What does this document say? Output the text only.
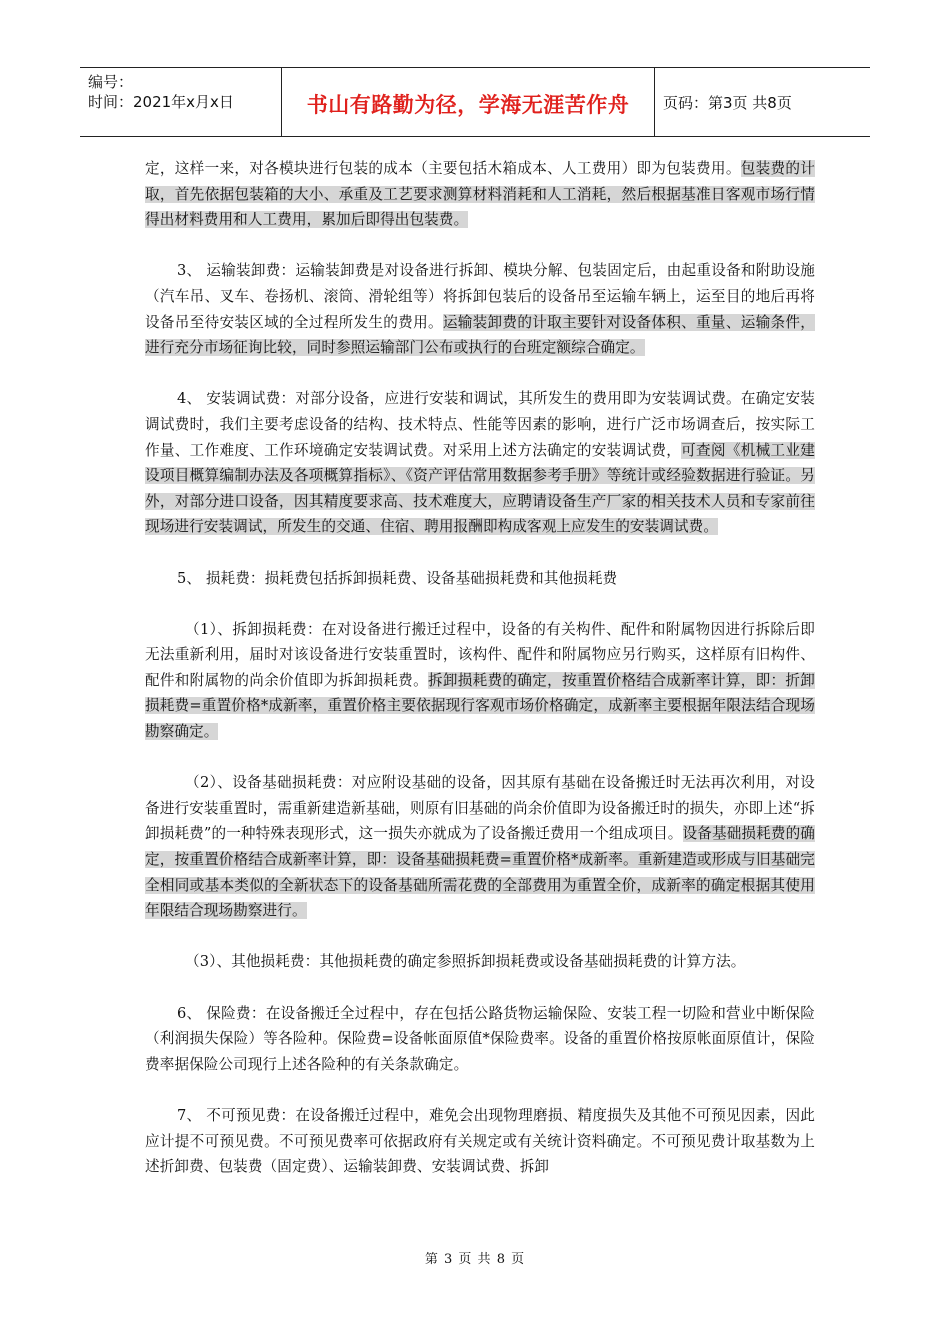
编号：
时间：2021年x月x日	书山有路勤为径，学海无涯苦作舟 页码：第3页 共8页

定，这样一来，对各模块进行包装的成本（主要包括木箱成本、人工费用）即为包装费用。包装费的计取，首先依据包装箱的大小、承重及工艺要求测算材料消耗和人工消耗，然后根据基准日客观市场行情得出材料费用和人工费用，累加后即得出包装费。

3、 运输装卸费：运输装卸费是对设备进行拆卸、模块分解、包装固定后，由起重设备和附助设施（汽车吊、叉车、卷扬机、滚筒、滑轮组等）将拆卸包装后的设备吊至运输车辆上，运至目的地后再将设备吊至待安装区域的全过程所发生的费用。运输装卸费的计取主要针对设备体积、重量、运输条件，进行充分市场征询比较，同时参照运输部门公布或执行的台班定额综合确定。

4、 安装调试费：对部分设备，应进行安装和调试，其所发生的费用即为安装调试费。在确定安装调试费时，我们主要考虑设备的结构、技术特点、性能等因素的影响，进行广泛市场调查后，按实际工作量、工作难度、工作环境确定安装调试费。对采用上述方法确定的安装调试费，可查阅《机械工业建设项目概算编制办法及各项概算指标》、《资产评估常用数据参考手册》等统计或经验数据进行验证。另外，对部分进口设备，因其精度要求高、技术难度大，应聘请设备生产厂家的相关技术人员和专家前往现场进行安装调试，所发生的交通、住宿、聘用报酬即构成客观上应发生的安装调试费。

5、 损耗费：损耗费包括拆卸损耗费、设备基础损耗费和其他损耗费

（1）、拆卸损耗费：在对设备进行搬迁过程中，设备的有关构件、配件和附属物因进行拆除后即无法重新利用，届时对该设备进行安装重置时，该构件、配件和附属物应另行购买，这样原有旧构件、配件和附属物的尚余价值即为拆卸损耗费。拆卸损耗费的确定，按重置价格结合成新率计算，即：折卸损耗费=重置价格*成新率，重置价格主要依据现行客观市场价格确定，成新率主要根据年限法结合现场勘察确定。

（2）、设备基础损耗费：对应附设基础的设备，因其原有基础在设备搬迁时无法再次利用，对设备进行安装重置时，需重新建造新基础，则原有旧基础的尚余价值即为设备搬迁时的损失，亦即上述“拆卸损耗费”的一种特殊表现形式，这一损失亦就成为了设备搬迁费用一个组成项目。设备基础损耗费的确定，按重置价格结合成新率计算，即：设备基础损耗费=重置价格*成新率。重新建造或形成与旧基础完全相同或基本类似的全新状态下的设备基础所需花费的全部费用为重置全价，成新率的确定根据其使用年限结合现场勘察进行。

（3）、其他损耗费：其他损耗费的确定参照拆卸损耗费或设备基础损耗费的计算方法。

6、 保险费：在设备搬迁全过程中，存在包括公路货物运输保险、安装工程一切险和营业中断保险（利润损失保险）等各险种。保险费=设备帐面原值*保险费率。设备的重置价格按原帐面原值计，保险费率据保险公司现行上述各险种的有关条款确定。

7、 不可预见费：在设备搬迁过程中，难免会出现物理磨损、精度损失及其他不可预见因素，因此应计提不可预见费。不可预见费率可依据政府有关规定或有关统计资料确定。不可预见费计取基数为上述折卸费、包装费（固定费）、运输装卸费、安装调试费、拆卸

第 3 页 共 8 页
